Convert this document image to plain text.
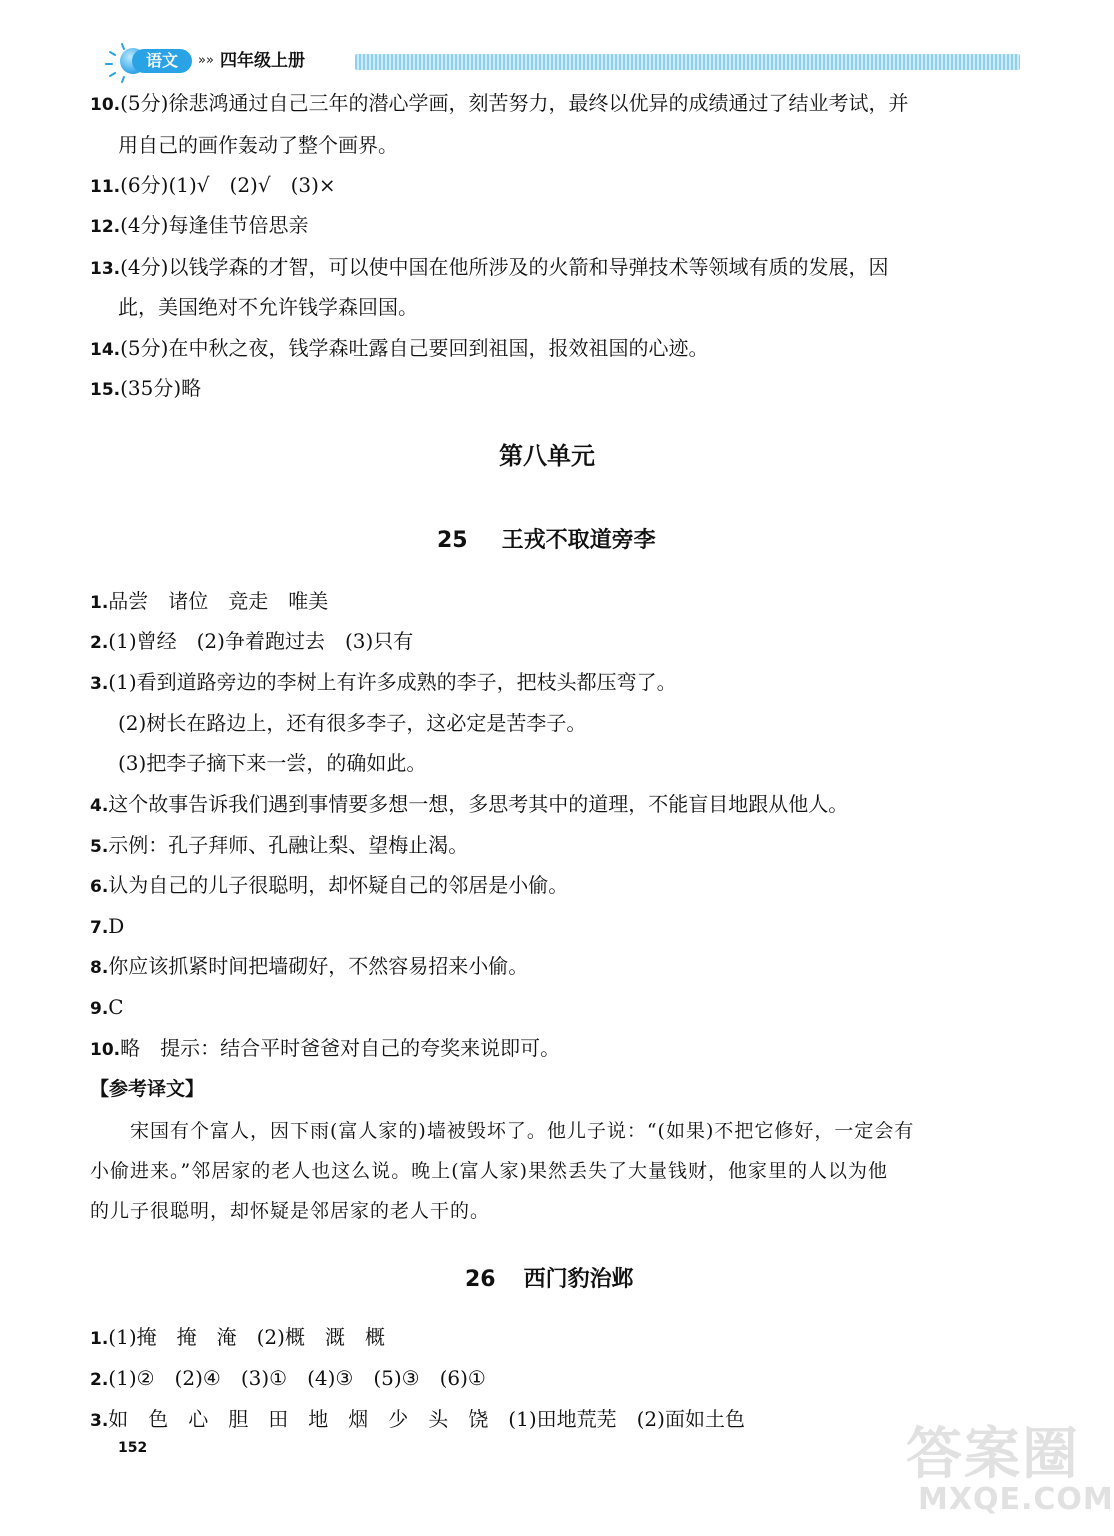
语文	»» 四年级上册
10.(5分)徐悲鸿通过自己三年的潜心学画，刻苦努力，最终以优异的成绩通过了结业考试，并
用自己的画作轰动了整个画界。
11.(6分)(1)√　(2)√　(3)×
12.(4分)每逢佳节倍思亲
13.(4分)以钱学森的才智，可以使中国在他所涉及的火箭和导弹技术等领域有质的发展，因
此，美国绝对不允许钱学森回国。
14.(5分)在中秋之夜，钱学森吐露自己要回到祖国，报效祖国的心迹。
15.(35分)略
第八单元
25 王戎不取道旁李
1.品尝　诸位　竞走　唯美
2.(1)曾经　(2)争着跑过去　(3)只有
3.(1)看到道路旁边的李树上有许多成熟的李子，把枝头都压弯了。
(2)树长在路边上，还有很多李子，这必定是苦李子。
(3)把李子摘下来一尝，的确如此。
4.这个故事告诉我们遇到事情要多想一想，多思考其中的道理，不能盲目地跟从他人。
5.示例：孔子拜师、孔融让梨、望梅止渴。
6.认为自己的儿子很聪明，却怀疑自己的邻居是小偷。
7.D
8.你应该抓紧时间把墙砌好，不然容易招来小偷。
9.C
10.略　提示：结合平时爸爸对自己的夸奖来说即可。
【参考译文】
　　宋国有个富人，因下雨(富人家的)墙被毁坏了。他儿子说：“(如果)不把它修好，一定会有
小偷进来。”邻居家的老人也这么说。晚上(富人家)果然丢失了大量钱财，他家里的人以为他
的儿子很聪明，却怀疑是邻居家的老人干的。
26 西门豹治邺
1.(1)掩　掩　淹　(2)概　溉　概
2.(1)②　(2)④　(3)①　(4)③　(5)③　(6)①
3.如　色　心　胆　田　地　烟　少　头　饶　(1)田地荒芜　(2)面如土色
152	答案圈
MXQE.COM
